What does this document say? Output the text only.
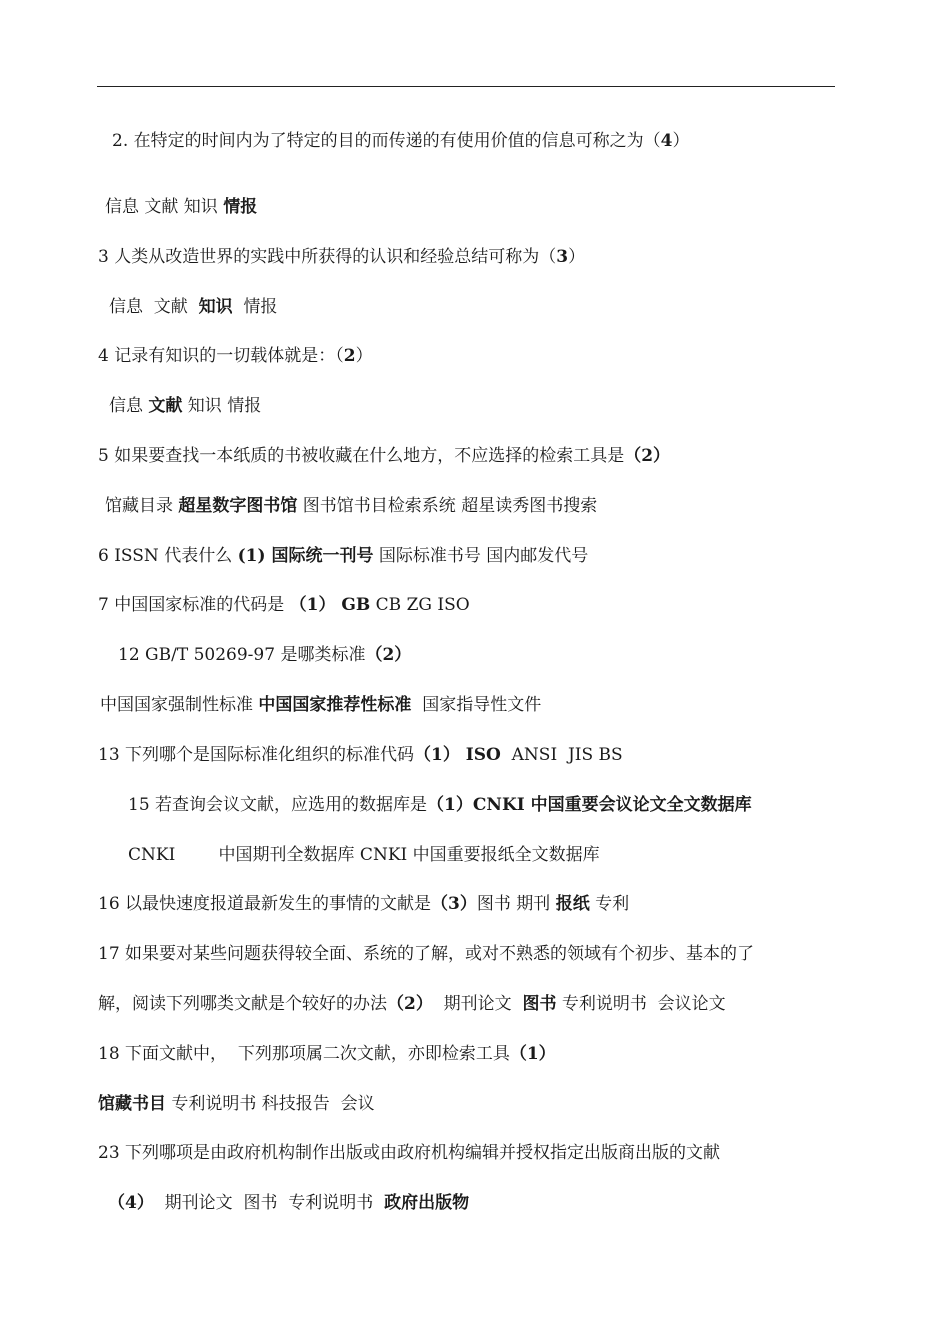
2. 在特定的时间内为了特定的目的而传递的有使用价值的信息可称之为（4）
信息 文献 知识 情报
3 人类从改造世界的实践中所获得的认识和经验总结可称为（3）
信息  文献  知识  情报
4 记录有知识的一切载体就是：（2）
信息 文献 知识 情报
5 如果要查找一本纸质的书被收藏在什么地方，不应选择的检索工具是（2）
馆藏目录 超星数字图书馆 图书馆书目检索系统 超星读秀图书搜索
6 ISSN 代表什么 (1) 国际统一刊号 国际标准书号 国内邮发代号
7 中国国家标准的代码是 （1） GB CB ZG ISO
12 GB/T 50269-97 是哪类标准（2）
中国国家强制性标准 中国国家推荐性标准  国家指导性文件
13 下列哪个是国际标准化组织的标准代码（1） ISO  ANSI  JIS BS
15 若查询会议文献，应选用的数据库是（1）CNKI 中国重要会议论文全文数据库
CNKI        中国期刊全数据库 CNKI 中国重要报纸全文数据库
16 以最快速度报道最新发生的事情的文献是（3）图书 期刊 报纸 专利
17 如果要对某些问题获得较全面、系统的了解，或对不熟悉的领域有个初步、基本的了
解，阅读下列哪类文献是个较好的办法（2）  期刊论文  图书 专利说明书  会议论文
18 下面文献中，  下列那项属二次文献，亦即检索工具（1）
馆藏书目 专利说明书 科技报告  会议
23 下列哪项是由政府机构制作出版或由政府机构编辑并授权指定出版商出版的文献
（4）  期刊论文  图书  专利说明书  政府出版物
